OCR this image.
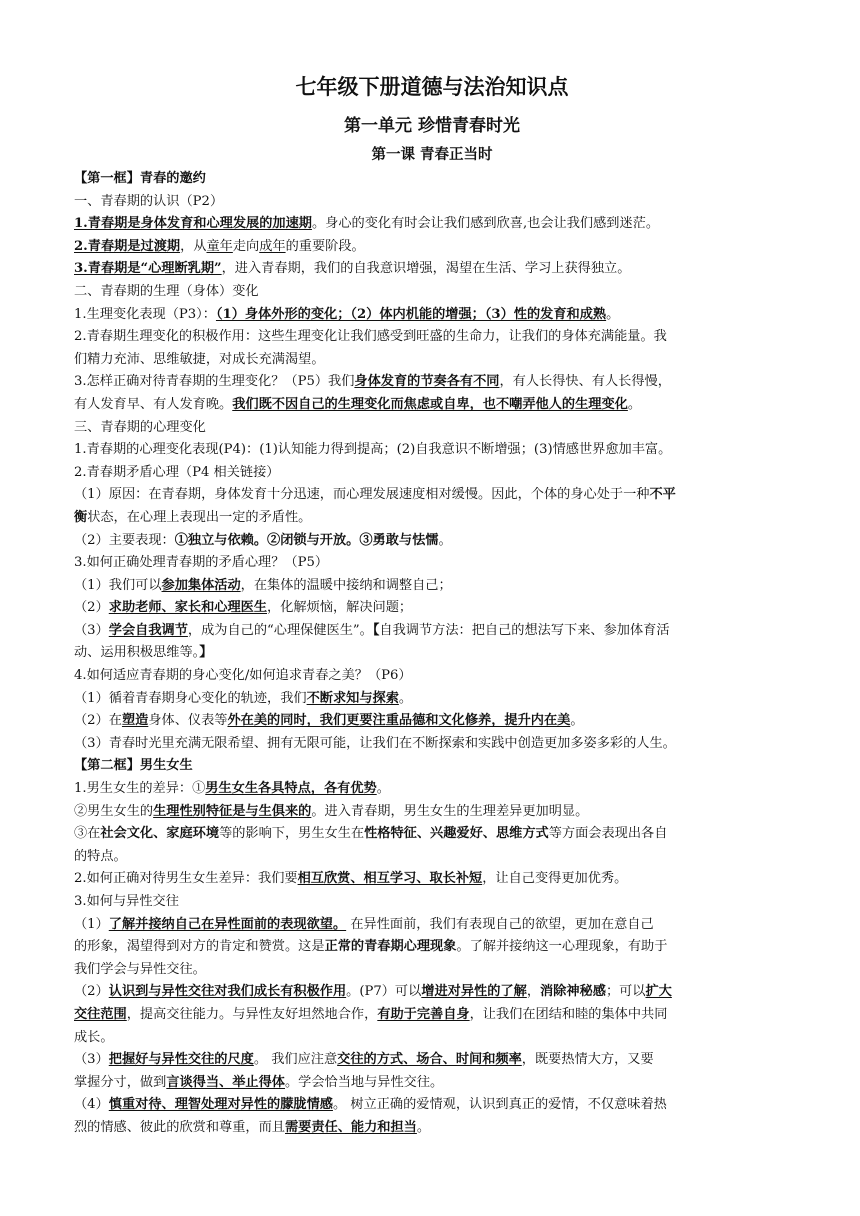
七年级下册道德与法治知识点
第一单元 珍惜青春时光
第一课 青春正当时
【第一框】青春的邀约
一、青春期的认识（P2）
1.青春期是身体发育和心理发展的加速期。身心的变化有时会让我们感到欣喜,也会让我们感到迷茫。
2.青春期是过渡期，从童年走向成年的重要阶段。
3.青春期是“心理断乳期”，进入青春期，我们的自我意识增强，渴望在生活、学习上获得独立。
二、青春期的生理（身体）变化
1.生理变化表现（P3）：（1）身体外形的变化；（2）体内机能的增强；（3）性的发育和成熟。
2.青春期生理变化的积极作用：这些生理变化让我们感受到旺盛的生命力，让我们的身体充满能量。我
们精力充沛、思维敏捷，对成长充满渴望。
3.怎样正确对待青春期的生理变化？（P5）我们身体发育的节奏各有不同，有人长得快、有人长得慢，
有人发育早、有人发育晚。我们既不因自己的生理变化而焦虑或自卑，也不嘲弄他人的生理变化。
三、青春期的心理变化
1.青春期的心理变化表现(P4)：(1)认知能力得到提高；(2)自我意识不断增强；(3)情感世界愈加丰富。
2.青春期矛盾心理（P4 相关链接）
（1）原因：在青春期，身体发育十分迅速，而心理发展速度相对缓慢。因此，个体的身心处于一种不平
衡状态，在心理上表现出一定的矛盾性。
（2）主要表现：①独立与依赖。②闭锁与开放。③勇敢与怯懦。
3.如何正确处理青春期的矛盾心理？（P5）
（1）我们可以参加集体活动，在集体的温暖中接纳和调整自己；
（2）求助老师、家长和心理医生，化解烦恼，解决问题；
（3）学会自我调节，成为自己的“心理保健医生”。【自我调节方法：把自己的想法写下来、参加体育活
动、运用积极思维等。】
4.如何适应青春期的身心变化/如何追求青春之美？（P6）
（1）循着青春期身心变化的轨迹，我们不断求知与探索。
（2）在塑造身体、仪表等外在美的同时，我们更要注重品德和文化修养，提升内在美。
（3）青春时光里充满无限希望、拥有无限可能，让我们在不断探索和实践中创造更加多姿多彩的人生。
【第二框】男生女生
1.男生女生的差异：①男生女生各具特点，各有优势。
②男生女生的生理性别特征是与生俱来的。进入青春期，男生女生的生理差异更加明显。
③在社会文化、家庭环境等的影响下，男生女生在性格特征、兴趣爱好、思维方式等方面会表现出各自
的特点。
2.如何正确对待男生女生差异：我们要相互欣赏、相互学习、取长补短，让自己变得更加优秀。
3.如何与异性交往
（1）了解并接纳自己在异性面前的表现欲望。 在异性面前，我们有表现自己的欲望，更加在意自己
的形象，渴望得到对方的肯定和赞赏。这是正常的青春期心理现象。了解并接纳这一心理现象，有助于
我们学会与异性交往。
（2）认识到与异性交往对我们成长有积极作用。(P7）可以增进对异性的了解，消除神秘感；可以扩大
交往范围，提高交往能力。与异性友好坦然地合作，有助于完善自身，让我们在团结和睦的集体中共同
成长。
（3）把握好与异性交往的尺度。 我们应注意交往的方式、场合、时间和频率，既要热情大方，又要
掌握分寸，做到言谈得当、举止得体。学会恰当地与异性交往。
（4）慎重对待、理智处理对异性的朦胧情感。 树立正确的爱情观，认识到真正的爱情，不仅意味着热
烈的情感、彼此的欣赏和尊重，而且需要责任、能力和担当。
